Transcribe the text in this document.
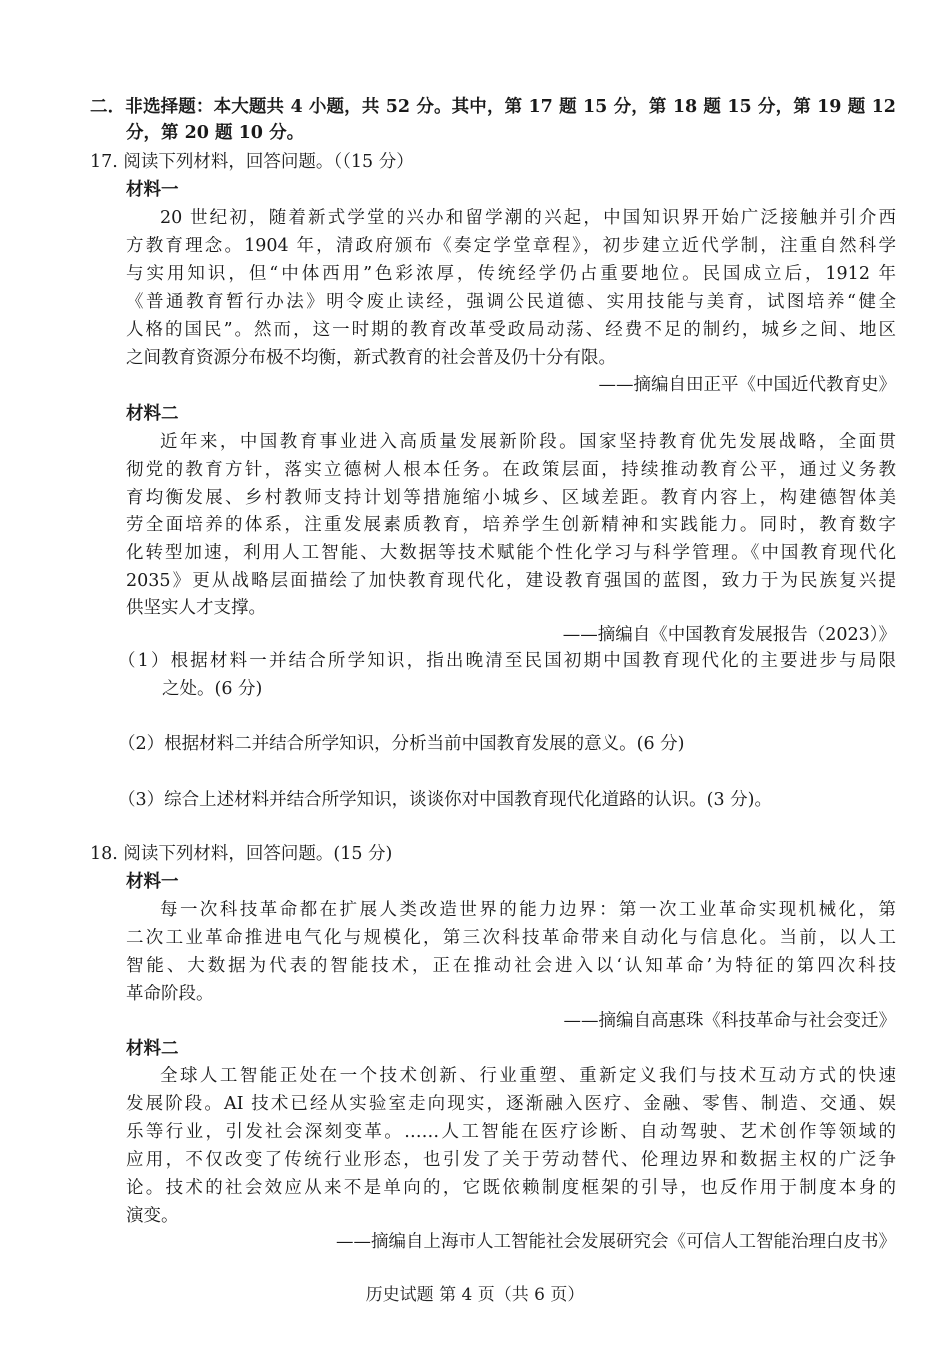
二．非选择题：本大题共 4 小题，共 52 分。其中，第 17 题 15 分，第 18 题 15 分，第 19 题 12
分，第 20 题 10 分。
17. 阅读下列材料，回答问题。（（15 分）
材料一
20 世纪初，随着新式学堂的兴办和留学潮的兴起，中国知识界开始广泛接触并引介西
方教育理念。1904 年，清政府颁布《奏定学堂章程》，初步建立近代学制，注重自然科学
与实用知识，但“中体西用”色彩浓厚，传统经学仍占重要地位。民国成立后，1912 年
《普通教育暂行办法》明令废止读经，强调公民道德、实用技能与美育，试图培养“健全
人格的国民”。然而，这一时期的教育改革受政局动荡、经费不足的制约，城乡之间、地区
之间教育资源分布极不均衡，新式教育的社会普及仍十分有限。
——摘编自田正平《中国近代教育史》
材料二
近年来，中国教育事业进入高质量发展新阶段。国家坚持教育优先发展战略，全面贯
彻党的教育方针，落实立德树人根本任务。在政策层面，持续推动教育公平，通过义务教
育均衡发展、乡村教师支持计划等措施缩小城乡、区域差距。教育内容上，构建德智体美
劳全面培养的体系，注重发展素质教育，培养学生创新精神和实践能力。同时，教育数字
化转型加速，利用人工智能、大数据等技术赋能个性化学习与科学管理。《中国教育现代化
2035》更从战略层面描绘了加快教育现代化，建设教育强国的蓝图，致力于为民族复兴提
供坚实人才支撑。
——摘编自《中国教育发展报告（2023）》
（1）根据材料一并结合所学知识，指出晚清至民国初期中国教育现代化的主要进步与局限
之处。(6 分)
（2）根据材料二并结合所学知识，分析当前中国教育发展的意义。(6 分)
（3）综合上述材料并结合所学知识，谈谈你对中国教育现代化道路的认识。(3 分)。
18. 阅读下列材料，回答问题。(15 分)
材料一
每一次科技革命都在扩展人类改造世界的能力边界：第一次工业革命实现机械化，第
二次工业革命推进电气化与规模化，第三次科技革命带来自动化与信息化。当前，以人工
智能、大数据为代表的智能技术，正在推动社会进入以‘认知革命’为特征的第四次科技
革命阶段。
——摘编自高惠珠《科技革命与社会变迁》
材料二
全球人工智能正处在一个技术创新、行业重塑、重新定义我们与技术互动方式的快速
发展阶段。AI 技术已经从实验室走向现实，逐渐融入医疗、金融、零售、制造、交通、娱
乐等行业，引发社会深刻变革。……人工智能在医疗诊断、自动驾驶、艺术创作等领域的
应用，不仅改变了传统行业形态，也引发了关于劳动替代、伦理边界和数据主权的广泛争
论。技术的社会效应从来不是单向的，它既依赖制度框架的引导，也反作用于制度本身的
演变。
——摘编自上海市人工智能社会发展研究会《可信人工智能治理白皮书》
历史试题 第 4 页（共 6 页）
